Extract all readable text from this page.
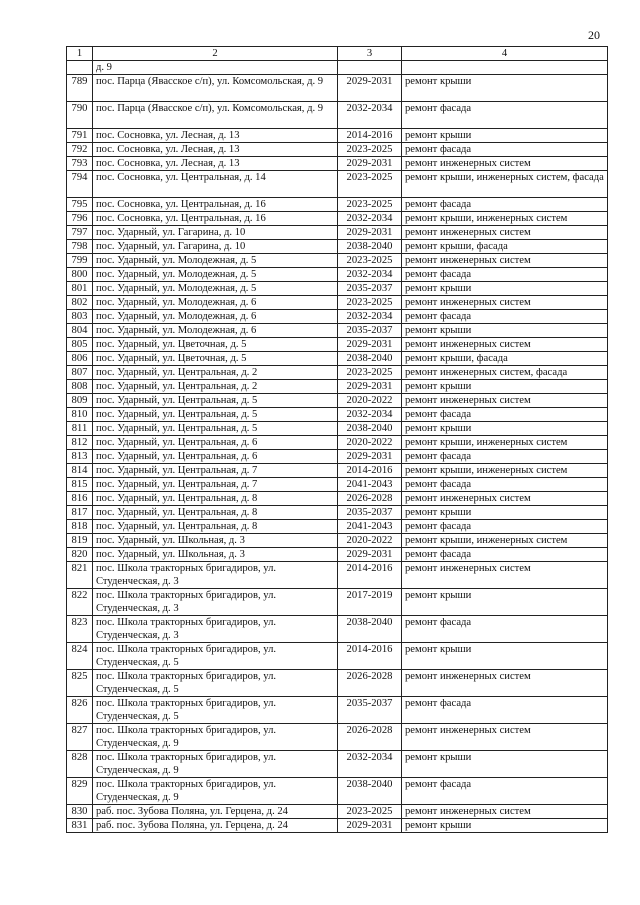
20
1	2	3	4
	д. 9		
789	пос. Парца (Явасское с/п), ул. Комсомольская, д. 9	2029-2031	ремонт крыши
790	пос. Парца (Явасское с/п), ул. Комсомольская, д. 9	2032-2034	ремонт фасада
791	пос. Сосновка, ул. Лесная, д. 13	2014-2016	ремонт крыши
792	пос. Сосновка, ул. Лесная, д. 13	2023-2025	ремонт фасада
793	пос. Сосновка, ул. Лесная, д. 13	2029-2031	ремонт инженерных систем
794	пос. Сосновка, ул. Центральная, д. 14	2023-2025	ремонт крыши, инженерных систем, фасада
795	пос. Сосновка, ул. Центральная, д. 16	2023-2025	ремонт фасада
796	пос. Сосновка, ул. Центральная, д. 16	2032-2034	ремонт крыши, инженерных систем
797	пос. Ударный, ул. Гагарина, д. 10	2029-2031	ремонт инженерных систем
798	пос. Ударный, ул. Гагарина, д. 10	2038-2040	ремонт крыши, фасада
799	пос. Ударный, ул. Молодежная, д. 5	2023-2025	ремонт инженерных систем
800	пос. Ударный, ул. Молодежная, д. 5	2032-2034	ремонт фасада
801	пос. Ударный, ул. Молодежная, д. 5	2035-2037	ремонт крыши
802	пос. Ударный, ул. Молодежная, д. 6	2023-2025	ремонт инженерных систем
803	пос. Ударный, ул. Молодежная, д. 6	2032-2034	ремонт фасада
804	пос. Ударный, ул. Молодежная, д. 6	2035-2037	ремонт крыши
805	пос. Ударный, ул. Цветочная, д. 5	2029-2031	ремонт инженерных систем
806	пос. Ударный, ул. Цветочная, д. 5	2038-2040	ремонт крыши, фасада
807	пос. Ударный, ул. Центральная, д. 2	2023-2025	ремонт инженерных систем, фасада
808	пос. Ударный, ул. Центральная, д. 2	2029-2031	ремонт крыши
809	пос. Ударный, ул. Центральная, д. 5	2020-2022	ремонт инженерных систем
810	пос. Ударный, ул. Центральная, д. 5	2032-2034	ремонт фасада
811	пос. Ударный, ул. Центральная, д. 5	2038-2040	ремонт крыши
812	пос. Ударный, ул. Центральная, д. 6	2020-2022	ремонт крыши, инженерных систем
813	пос. Ударный, ул. Центральная, д. 6	2029-2031	ремонт фасада
814	пос. Ударный, ул. Центральная, д. 7	2014-2016	ремонт крыши, инженерных систем
815	пос. Ударный, ул. Центральная, д. 7	2041-2043	ремонт фасада
816	пос. Ударный, ул. Центральная, д. 8	2026-2028	ремонт инженерных систем
817	пос. Ударный, ул. Центральная, д. 8	2035-2037	ремонт крыши
818	пос. Ударный, ул. Центральная, д. 8	2041-2043	ремонт фасада
819	пос. Ударный, ул. Школьная, д. 3	2020-2022	ремонт крыши, инженерных систем
820	пос. Ударный, ул. Школьная, д. 3	2029-2031	ремонт фасада
821	пос. Школа тракторных бригадиров, ул. Студенческая, д. 3	2014-2016	ремонт инженерных систем
822	пос. Школа тракторных бригадиров, ул. Студенческая, д. 3	2017-2019	ремонт крыши
823	пос. Школа тракторных бригадиров, ул. Студенческая, д. 3	2038-2040	ремонт фасада
824	пос. Школа тракторных бригадиров, ул. Студенческая, д. 5	2014-2016	ремонт крыши
825	пос. Школа тракторных бригадиров, ул. Студенческая, д. 5	2026-2028	ремонт инженерных систем
826	пос. Школа тракторных бригадиров, ул. Студенческая, д. 5	2035-2037	ремонт фасада
827	пос. Школа тракторных бригадиров, ул. Студенческая, д. 9	2026-2028	ремонт инженерных систем
828	пос. Школа тракторных бригадиров, ул. Студенческая, д. 9	2032-2034	ремонт крыши
829	пос. Школа тракторных бригадиров, ул. Студенческая, д. 9	2038-2040	ремонт фасада
830	раб. пос. Зубова Поляна, ул. Герцена, д. 24	2023-2025	ремонт инженерных систем
831	раб. пос. Зубова Поляна, ул. Герцена, д. 24	2029-2031	ремонт крыши
